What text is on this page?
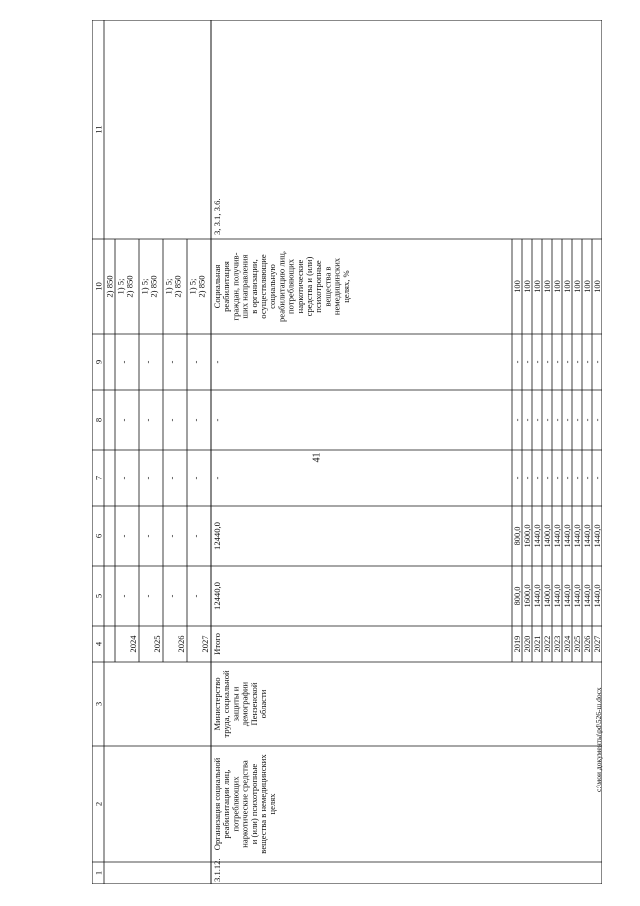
41
1
2
3
4
5
6
7
8
9
10
11
2) 850
2024
-
-
-
-
-
1) 5;2) 850
2025
-
-
-
-
-
1) 5;2) 850
2026
-
-
-
-
-
1) 5;2) 850
2027
-
-
-
-
-
1) 5;2) 850
3.1.12.
Организация социальнойреабилитации лиц,потребляющихнаркотические средстваи (или) психотропныевещества в немедицинскихцелях
Министерствотруда, социальнойзащиты идемографииПензенскойобласти
Итого
12440,0
12440,0
-
-
-
Социальнаяреабилитацияграждан, получив-ших направленияв организации,осуществляющиесоциальнуюреабилитацию лиц,потребляющихнаркотическиесредства и (или)психотропныевещества внемедицинскихцелях, %
3, 3.1, 3.6.
2019
800,0
800,0
-
-
-
100
2020
1600,0
1600,0
-
-
-
100
2021
1440,0
1440,0
-
-
-
100
2022
1400,0
1400,0
-
-
-
100
2023
1440,0
1440,0
-
-
-
100
2024
1440,0
1440,0
-
-
-
100
2025
1440,0
1440,0
-
-
-
100
2026
1440,0
1440,0
-
-
-
100
2027
1440,0
1440,0
-
-
-
100
c:\мои документы\pd\526-ш.docx
